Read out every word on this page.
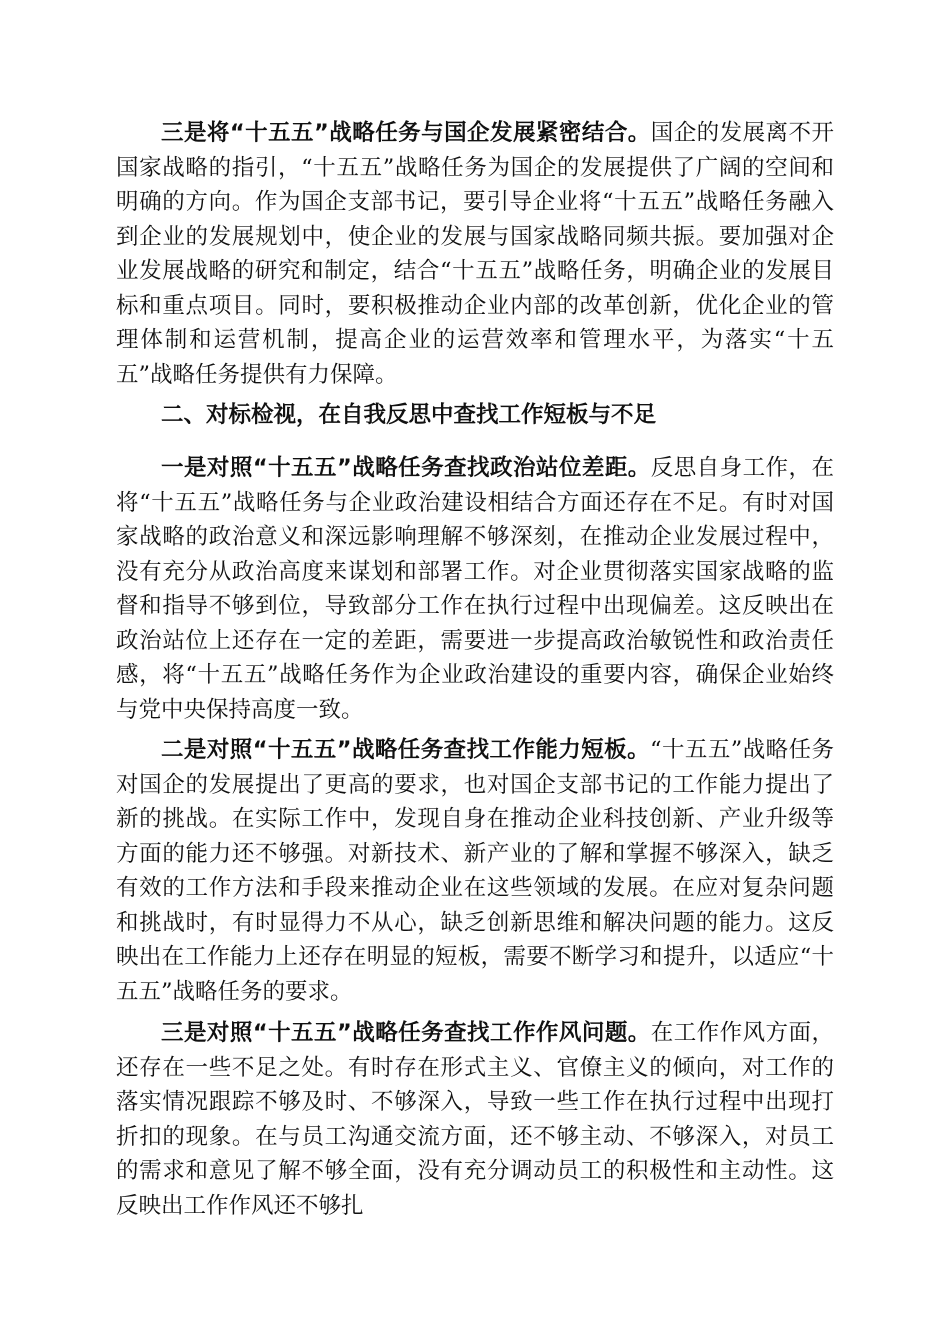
三是将“十五五”战略任务与国企发展紧密结合。国企的发展离不开国家战略的指引，“十五五”战略任务为国企的发展提供了广阔的空间和明确的方向。作为国企支部书记，要引导企业将“十五五”战略任务融入到企业的发展规划中，使企业的发展与国家战略同频共振。要加强对企业发展战略的研究和制定，结合“十五五”战略任务，明确企业的发展目标和重点项目。同时，要积极推动企业内部的改革创新，优化企业的管理体制和运营机制，提高企业的运营效率和管理水平，为落实“十五五”战略任务提供有力保障。

二、对标检视，在自我反思中查找工作短板与不足

一是对照“十五五”战略任务查找政治站位差距。反思自身工作，在将“十五五”战略任务与企业政治建设相结合方面还存在不足。有时对国家战略的政治意义和深远影响理解不够深刻，在推动企业发展过程中，没有充分从政治高度来谋划和部署工作。对企业贯彻落实国家战略的监督和指导不够到位，导致部分工作在执行过程中出现偏差。这反映出在政治站位上还存在一定的差距，需要进一步提高政治敏锐性和政治责任感，将“十五五”战略任务作为企业政治建设的重要内容，确保企业始终与党中央保持高度一致。

二是对照“十五五”战略任务查找工作能力短板。“十五五”战略任务对国企的发展提出了更高的要求，也对国企支部书记的工作能力提出了新的挑战。在实际工作中，发现自身在推动企业科技创新、产业升级等方面的能力还不够强。对新技术、新产业的了解和掌握不够深入，缺乏有效的工作方法和手段来推动企业在这些领域的发展。在应对复杂问题和挑战时，有时显得力不从心，缺乏创新思维和解决问题的能力。这反映出在工作能力上还存在明显的短板，需要不断学习和提升，以适应“十五五”战略任务的要求。

三是对照“十五五”战略任务查找工作作风问题。在工作作风方面，还存在一些不足之处。有时存在形式主义、官僚主义的倾向，对工作的落实情况跟踪不够及时、不够深入，导致一些工作在执行过程中出现打折扣的现象。在与员工沟通交流方面，还不够主动、不够深入，对员工的需求和意见了解不够全面，没有充分调动员工的积极性和主动性。这反映出工作作风还不够扎
